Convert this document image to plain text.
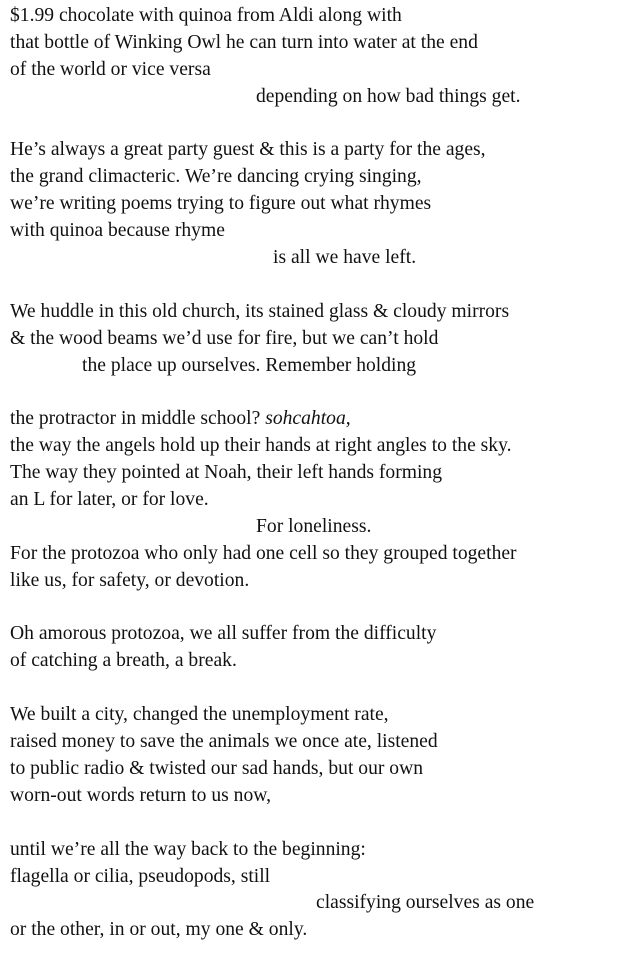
$1.99 chocolate with quinoa from Aldi along with
that bottle of Winking Owl he can turn into water at the end
of the world or vice versa
depending on how bad things get.
He’s always a great party guest & this is a party for the ages,
the grand climacteric. We’re dancing crying singing,
we’re writing poems trying to figure out what rhymes
with quinoa because rhyme
is all we have left.
We huddle in this old church, its stained glass & cloudy mirrors
& the wood beams we’d use for fire, but we can’t hold
the place up ourselves. Remember holding
the protractor in middle school? sohcahtoa,
the way the angels hold up their hands at right angles to the sky.
The way they pointed at Noah, their left hands forming
an L for later, or for love.
For loneliness.
For the protozoa who only had one cell so they grouped together
like us, for safety, or devotion.
Oh amorous protozoa, we all suffer from the difficulty
of catching a breath, a break.
We built a city, changed the unemployment rate,
raised money to save the animals we once ate, listened
to public radio & twisted our sad hands, but our own
worn-out words return to us now,
until we’re all the way back to the beginning:
flagella or cilia, pseudopods, still
classifying ourselves as one
or the other, in or out, my one & only.
